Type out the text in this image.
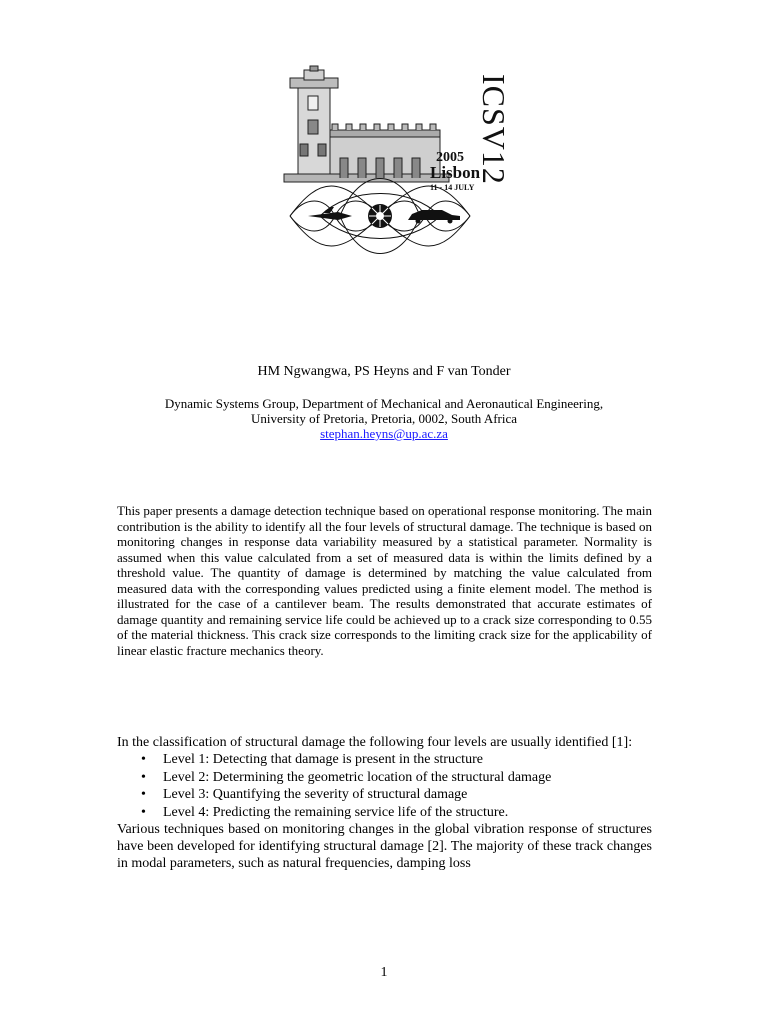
ICSV12
2005
Lisbon
11 - 14 JULY
HM Ngwangwa, PS Heyns and F van Tonder
Dynamic Systems Group, Department of Mechanical and Aeronautical Engineering,
University of Pretoria, Pretoria, 0002, South Africa
stephan.heyns@up.ac.za
This paper presents a damage detection technique based on operational response monitoring. The main contribution is the ability to identify all the four levels of structural damage. The technique is based on monitoring changes in response data variability measured by a statistical parameter. Normality is assumed when this value calculated from a set of measured data is within the limits defined by a threshold value. The quantity of damage is determined by matching the value calculated from measured data with the corresponding values predicted using a finite element model. The method is illustrated for the case of a cantilever beam. The results demonstrated that accurate estimates of damage quantity and remaining service life could be achieved up to a crack size corresponding to 0.55 of the material thickness. This crack size corresponds to the limiting crack size for the applicability of linear elastic fracture mechanics theory.

In the classification of structural damage the following four levels are usually identified [1]:

• Level 1: Detecting that damage is present in the structure
• Level 2: Determining the geometric location of the structural damage
• Level 3: Quantifying the severity of structural damage
• Level 4: Predicting the remaining service life of the structure.

Various techniques based on monitoring changes in the global vibration response of structures have been developed for identifying structural damage [2]. The majority of these track changes in modal parameters, such as natural frequencies, damping loss

1
